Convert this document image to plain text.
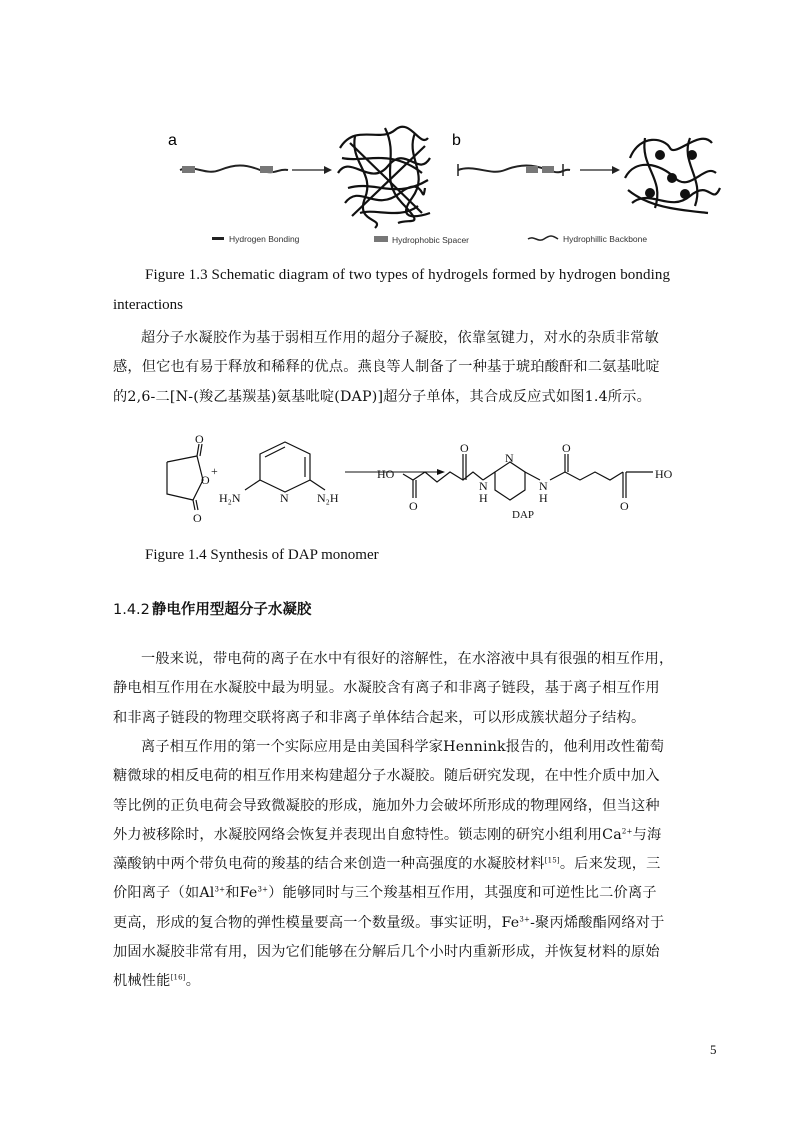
a	b
Hydrogen Bonding	Hydrophobic Spacer	Hydrophillic Backbone
Figure 1.3 Schematic diagram of two types of hydrogels formed by hydrogen bonding
interactions
超分子水凝胶作为基于弱相互作用的超分子凝胶，依靠氢键力，对水的杂质非常敏
感，但它也有易于释放和稀释的优点。燕良等人制备了一种基于琥珀酸酐和二氨基吡啶
的2,6-二[N-(羧乙基羰基)氨基吡啶(DAP)]超分子单体，其合成反应式如图1.4所示。
O
O
O
+
H₂N	N N₂H
HO
O
O
N
H
N
N
H
O
HO
O
DAP
Figure 1.4 Synthesis of DAP monomer
1.4.2 静电作用型超分子水凝胶
一般来说，带电荷的离子在水中有很好的溶解性，在水溶液中具有很强的相互作用，
静电相互作用在水凝胶中最为明显。水凝胶含有离子和非离子链段，基于离子相互作用
和非离子链段的物理交联将离子和非离子单体结合起来，可以形成簇状超分子结构。
离子相互作用的第一个实际应用是由美国科学家Hennink报告的，他利用改性葡萄
糖微球的相反电荷的相互作用来构建超分子水凝胶。随后研究发现，在中性介质中加入
等比例的正负电荷会导致微凝胶的形成，施加外力会破坏所形成的物理网络，但当这种
外力被移除时，水凝胶网络会恢复并表现出自愈特性。锁志刚的研究小组利用$Ca^{2+}$与海
藻酸钠中两个带负电荷的羧基的结合来创造一种高强度的水凝胶材料[15]。后来发现，三
价阳离子（如$Al^{3+}$和$Fe^{3+}$）能够同时与三个羧基相互作用，其强度和可逆性比二价离子
更高，形成的复合物的弹性模量要高一个数量级。事实证明，$Fe^{3+}-$聚丙烯酸酯网络对于
加固水凝胶非常有用，因为它们能够在分解后几个小时内重新形成，并恢复材料的原始
机械性能[16]。
5
